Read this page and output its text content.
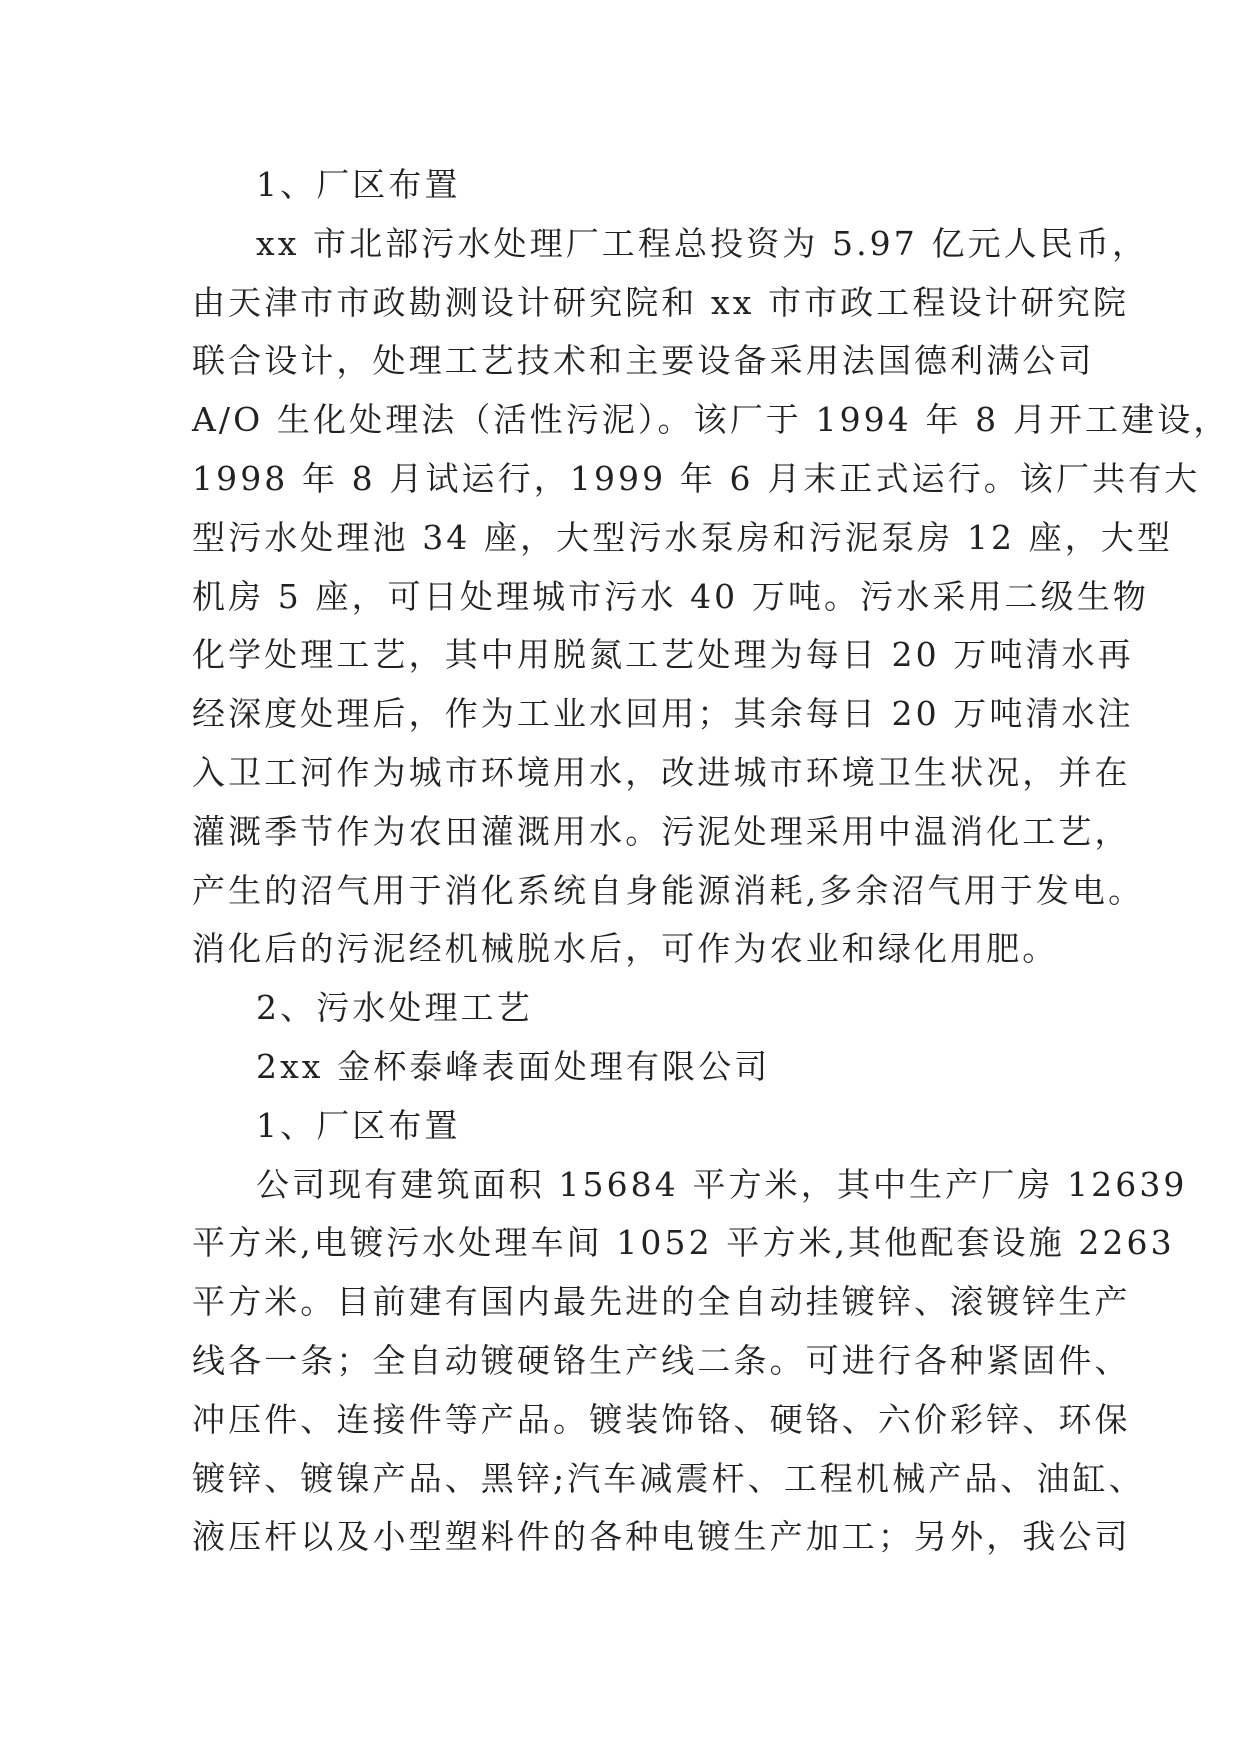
1、厂区布置
xx 市北部污水处理厂工程总投资为 5.97 亿元人民币，
由天津市市政勘测设计研究院和 xx 市市政工程设计研究院
联合设计，处理工艺技术和主要设备采用法国德利满公司
A/O 生化处理法（活性污泥）。该厂于 1994 年 8 月开工建设，
1998 年 8 月试运行，1999 年 6 月末正式运行。该厂共有大
型污水处理池 34 座，大型污水泵房和污泥泵房 12 座，大型
机房 5 座，可日处理城市污水 40 万吨。污水采用二级生物
化学处理工艺，其中用脱氮工艺处理为每日 20 万吨清水再
经深度处理后，作为工业水回用；其余每日 20 万吨清水注
入卫工河作为城市环境用水，改进城市环境卫生状况，并在
灌溉季节作为农田灌溉用水。污泥处理采用中温消化工艺，
产生的沼气用于消化系统自身能源消耗,多余沼气用于发电。
消化后的污泥经机械脱水后，可作为农业和绿化用肥。
2、污水处理工艺
2xx 金杯泰峰表面处理有限公司
1、厂区布置
公司现有建筑面积 15684 平方米，其中生产厂房 12639
平方米,电镀污水处理车间 1052 平方米,其他配套设施 2263
平方米。目前建有国内最先进的全自动挂镀锌、滚镀锌生产
线各一条；全自动镀硬铬生产线二条。可进行各种紧固件、
冲压件、连接件等产品。镀装饰铬、硬铬、六价彩锌、环保
镀锌、镀镍产品、黑锌;汽车减震杆、工程机械产品、油缸、
液压杆以及小型塑料件的各种电镀生产加工；另外，我公司
